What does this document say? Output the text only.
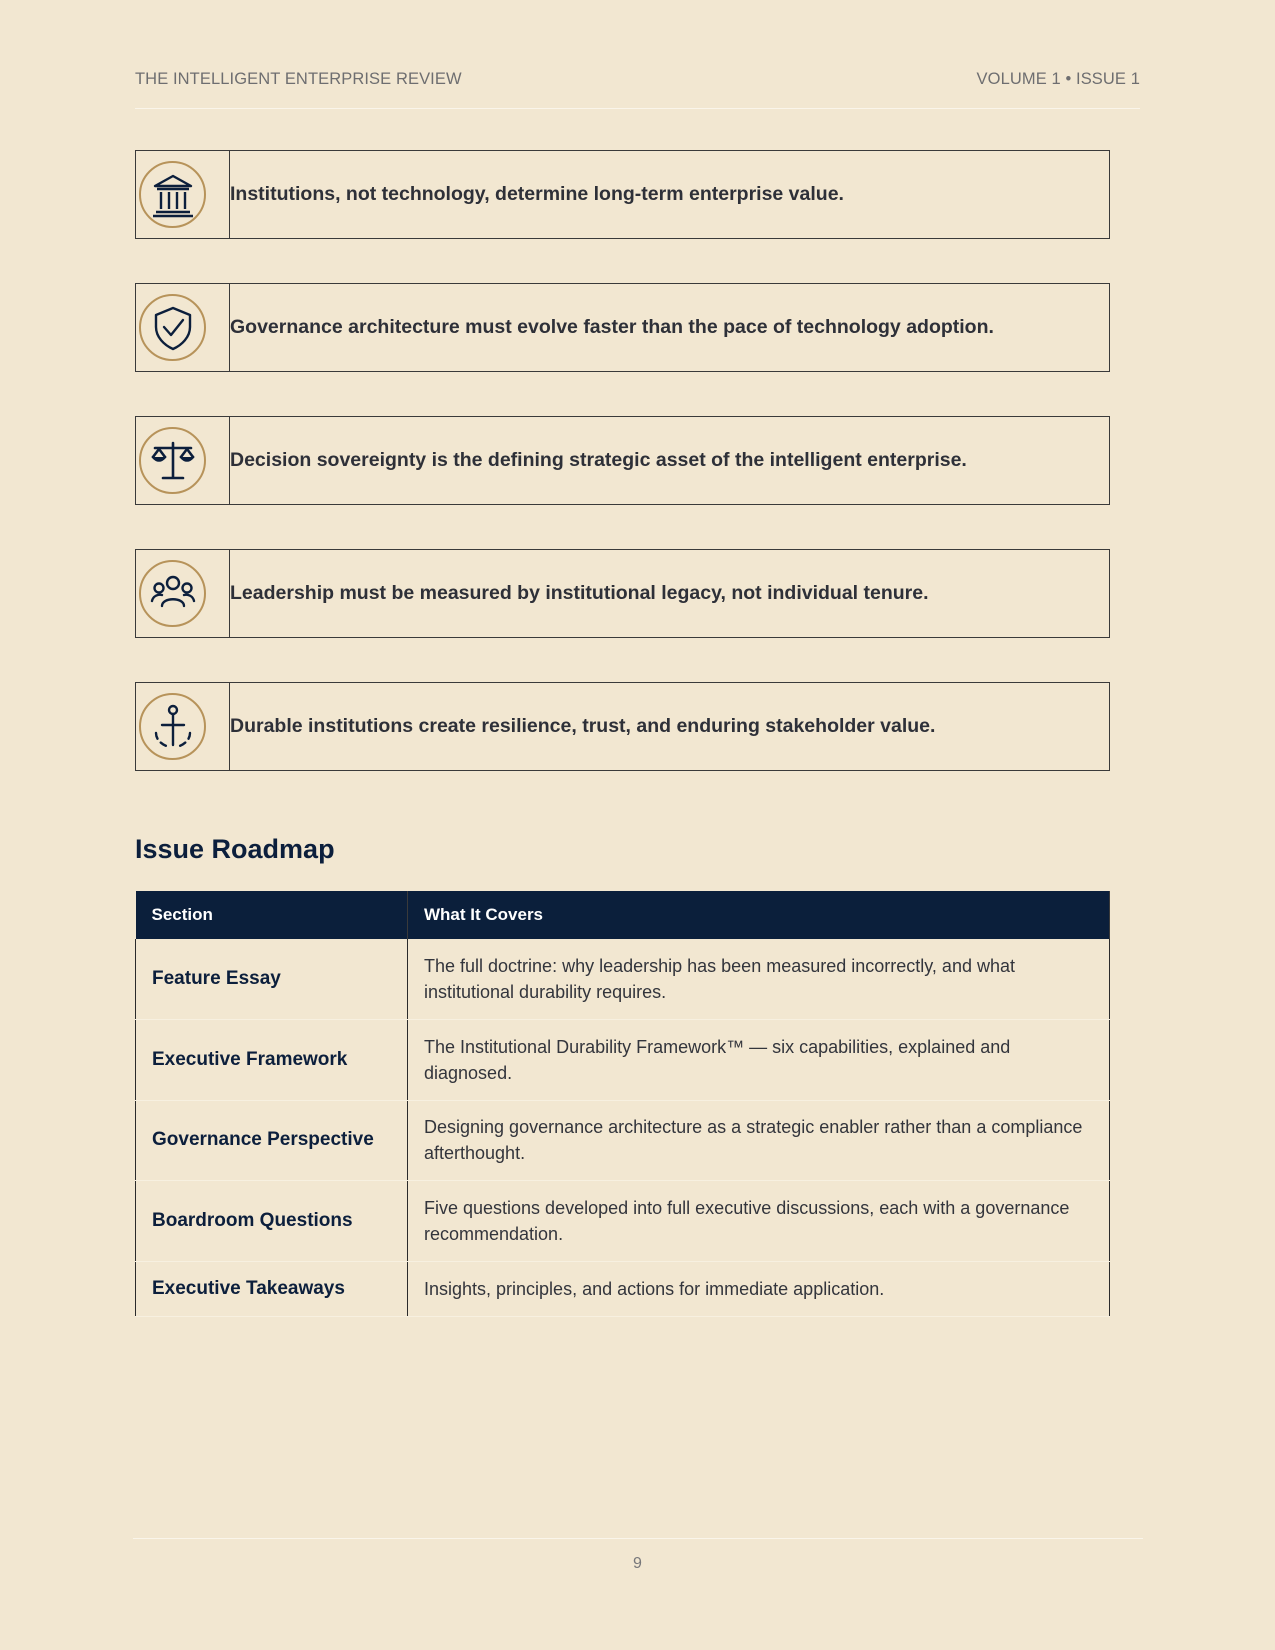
THE INTELLIGENT ENTERPRISE REVIEW	VOLUME 1 • ISSUE 1
Institutions, not technology, determine long-term enterprise value.
Governance architecture must evolve faster than the pace of technology adoption.
Decision sovereignty is the defining strategic asset of the intelligent enterprise.
Leadership must be measured by institutional legacy, not individual tenure.
Durable institutions create resilience, trust, and enduring stakeholder value.
Issue Roadmap
Section	What It Covers
Feature Essay	The full doctrine: why leadership has been measured incorrectly, and what institutional durability requires.
Executive Framework	The Institutional Durability Framework™ — six capabilities, explained and diagnosed.
Governance Perspective	Designing governance architecture as a strategic enabler rather than a compliance afterthought.
Boardroom Questions	Five questions developed into full executive discussions, each with a governance recommendation.
Executive Takeaways	Insights, principles, and actions for immediate application.
9
